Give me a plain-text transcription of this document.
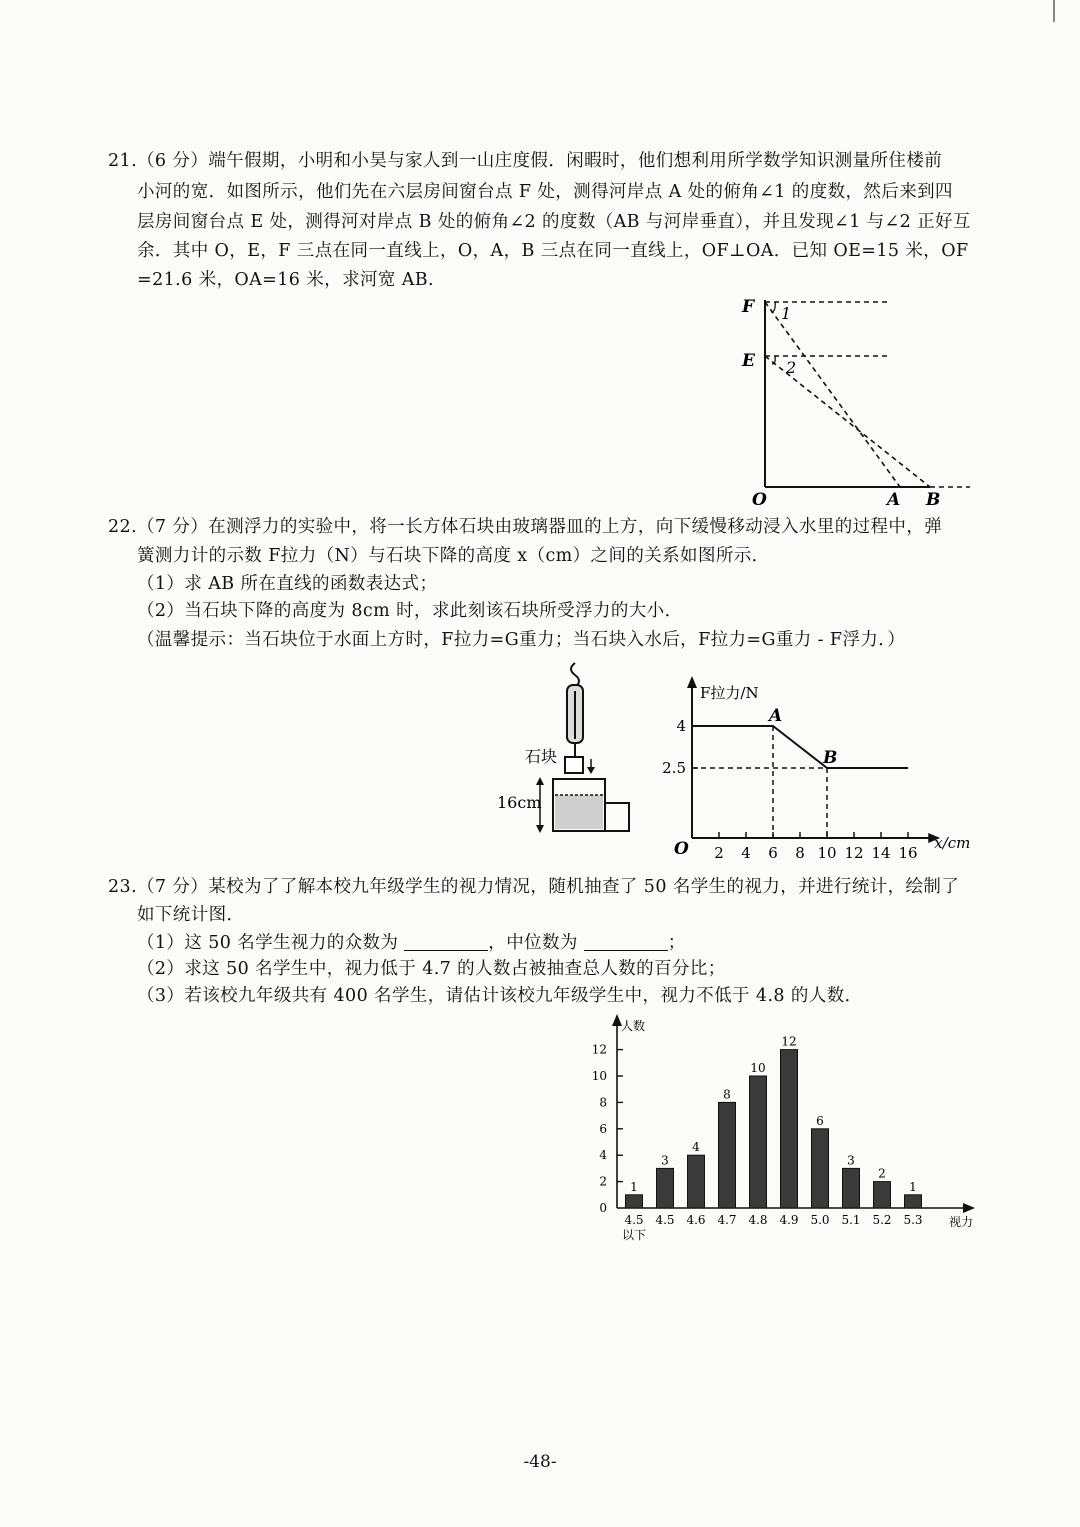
21.（6 分）端午假期，小明和小昊与家人到一山庄度假．闲暇时，他们想利用所学数学知识测量所住楼前
小河的宽．如图所示，他们先在六层房间窗台点 F 处，测得河岸点 A 处的俯角∠1 的度数，然后来到四
层房间窗台点 E 处，测得河对岸点 B 处的俯角∠2 的度数（AB 与河岸垂直），并且发现∠1 与∠2 正好互
余．其中 O，E，F 三点在同一直线上，O，A，B 三点在同一直线上，OF⊥OA．已知 OE=15 米，OF
=21.6 米，OA=16 米，求河宽 AB.
F
E
1
2
O	A B
22.（7 分）在测浮力的实验中，将一长方体石块由玻璃器皿的上方，向下缓慢移动浸入水里的过程中，弹
簧测力计的示数 F拉力（N）与石块下降的高度 x（cm）之间的关系如图所示．
（1）求 AB 所在直线的函数表达式；
（2）当石块下降的高度为 8cm 时，求此刻该石块所受浮力的大小．
（温馨提示：当石块位于水面上方时，F拉力=G重力；当石块入水后，F拉力=G重力 - F浮力．）
石块
16cm
F拉力/N
x/cm
O 2 4 6 8 10 12 14 16
2.5
4	A
B
23.（7 分）某校为了了解本校九年级学生的视力情况，随机抽查了 50 名学生的视力，并进行统计，绘制了
如下统计图．
（1）这 50 名学生视力的众数为	，中位数为	；
（2）求这 50 名学生中，视力低于 4.7 的人数占被抽查总人数的百分比；
（3）若该校九年级共有 400 名学生，请估计该校九年级学生中，视力不低于 4.8 的人数．
人数
视力
0
2
4
6
8
10
12
1
4.5
3
4.5
4
4.6
8
4.7
10
4.8
12
4.9
6
5.0
3
5.1
2
5.2
1
5.3
以下
-48-
